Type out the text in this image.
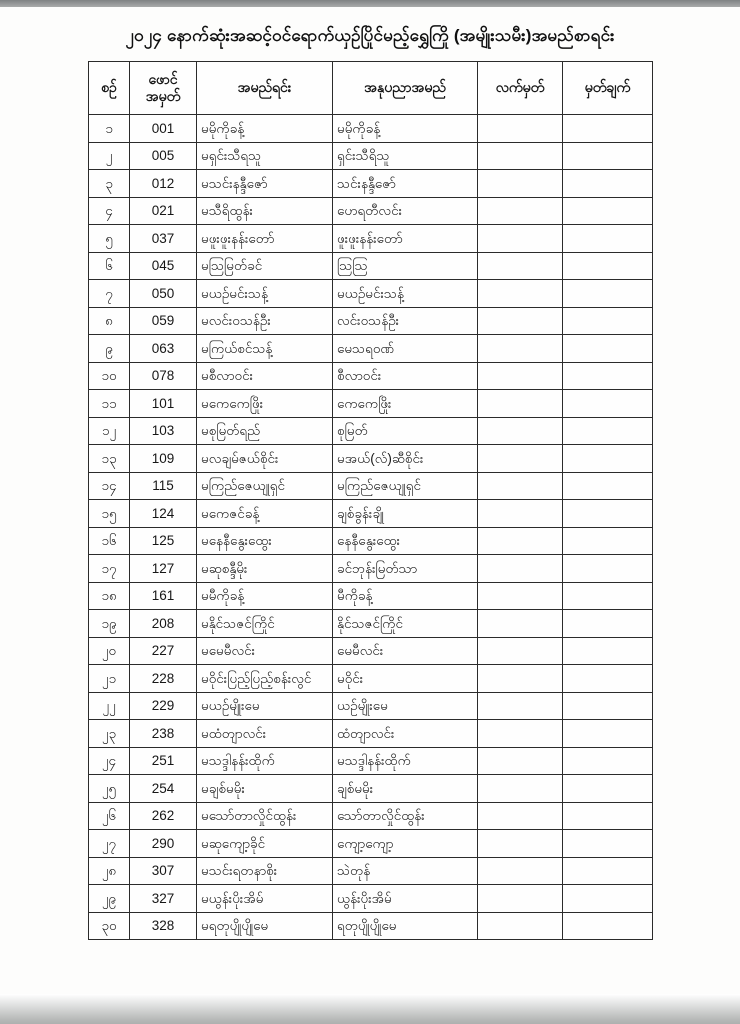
၂၀၂၄ နောက်ဆုံးအဆင့်ဝင်ရောက်ယှဉ်ပြိုင်မည့်ရွှေကြို (အမျိုးသမီး)အမည်စာရင်း
စဉ်	ဖောင် အမှတ်	အမည်ရင်း	အနုပညာအမည်	လက်မှတ်	မှတ်ချက်
၁	001	မမိုကိုခန့်	မမိုကိုခန့်		
၂	005	မရှင်းသီရသူ	ရှင်းသီရိသူ		
၃	012	မသင်းနန္ဒီဇော်	သင်းနန္ဒီဇော်		
၄	021	မသီရိထွန်း	ဟေရတီလင်း		
၅	037	မဖူးဖူးနန်းတော်	ဖူးဖူးနန်းတော်		
၆	045	မသြမြတ်ခင်	သြသြ		
၇	050	မယဉ်မင်းသန့်	မယဉ်မင်းသန့်		
၈	059	မလင်းဝသန်ဦး	လင်းဝသန်ဦး		
၉	063	မကြယ်စင်သန့်	မေသရဝဏ်		
၁၀	078	မစီလာဝင်း	စီလာဝင်း		
၁၁	101	မကေကေဖြိုး	ကေကေဖြိုး		
၁၂	103	မစုမြတ်ရည်	စုမြတ်		
၁၃	109	မလချမ်ဇယ်စိုင်း	မအယ်(လ်)ဆီစိုင်း		
၁၄	115	မကြည်ဇေယျုရှင်	မကြည်ဇေယျုရှင်		
၁၅	124	မကေဇင်ခန့်	ချစ်ခွန်းချို		
၁၆	125	မနေနီနွေးထွေး	နေနီနွေးထွေး		
၁၇	127	မဆုစန္ဒီမိုး	ခင်ဘုန်းမြတ်သာ		
၁၈	161	မမီကိုခန့်	မီကိုခန့်		
၁၉	208	မနိုင်သဇင်ကြိုင်	နိုင်သဇင်ကြိုင်		
၂၀	227	မမေမီလင်း	မေမီလင်း		
၂၁	228	မဝိုင်းပြည့်ပြည့်စန်းလွင်	မဝိုင်း		
၂၂	229	မယဉ်မျိုးမေ	ယဉ်မျိုးမေ		
၂၃	238	မထံတျာလင်း	ထံတျာလင်း		
၂၄	251	မသဒ္ဒါနန်းထိုက်	မသဒ္ဒါနန်းထိုက်		
၂၅	254	မချစ်မမိုး	ချစ်မမိုး		
၂၆	262	မသော်တာလှိုင်ထွန်း	သော်တာလှိုင်ထွန်း		
၂၇	290	မဆုကျော့ခိုင်	ကျော့ကျော့		
၂၈	307	မသင်းရတနာစိုး	သဲတုန်		
၂၉	327	မယွန်းပိုးအိမ်	ယွန်းပိုးအိမ်		
၃၀	328	မရတုပျိုပျိုမေ	ရတုပျိုပျိုမေ		
